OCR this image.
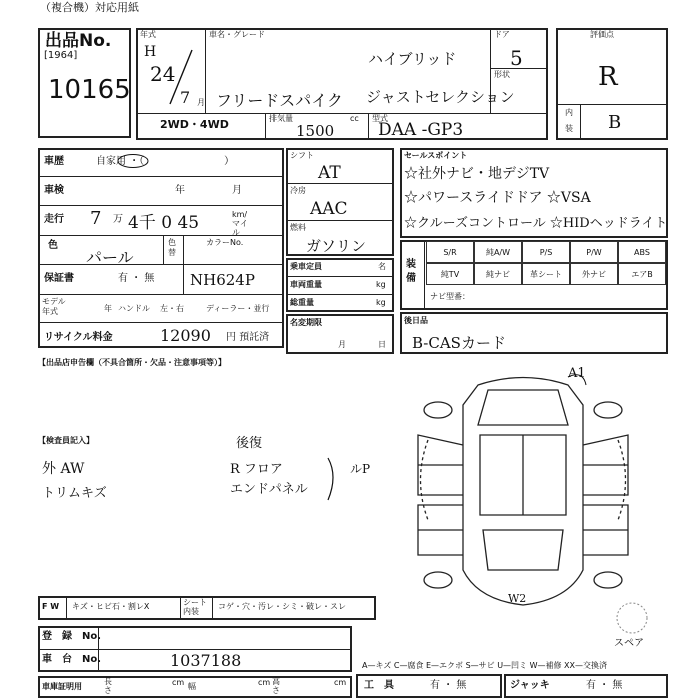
（複合機）対応用紙
出品No.
[1964]
10165
年式
H
24
7 月
車名・グレード
ハイブリッド
フリードスパイク ジャストセレクション
ドア
5
形状
2WD・4WD	排気量	cc
1500
型式
DAA -GP3
評価点
R
内
装 B
車歴	自家用 ・（　　　　　　　　）
車検	年	月
走行 7 万 4千 0 45	km/マイル
色
パール
色替
カラーNo.
NH624P
保証書	有 ・ 無
モデル年式	年 ハンドル 左・右	ディーラー・並行
リサイクル料金	12090 円 預託済
シフト
AT
冷房
AAC
燃料
ガソリン
乗車定員	名
車両重量	kg
総重量	kg
名変期限
月	日
セールスポイント
☆社外ナビ・地デジTV
☆パワースライドドア ☆VSA
☆クルーズコントロール ☆HIDヘッドライト
装備
S/R	純A/W	P/S	P/W	ABS
純TV	純ナビ	革シート	外ナビ	エアB
ナビ型番：
後日品
B-CASカード
【出品店申告欄（不具合箇所・欠品・注意事項等）】
【検査員記入】
外 AW
トリムキズ
後復
R フロア
エンドパネル
ルP
A1
W2
スペア
F W キズ・ヒビ石・割レX	シート内装
コゲ・穴・汚レ・シミ・破レ・スレ
登　録　No.
車　台　No.	1037188
車庫証明用
長さ
cm 幅	cm 高さ
cm
A—キズ C—腐食 E—エクボ S—サビ U—凹ミ W—補修 XX—交換済
工　具	有 ・ 無	ジャッキ	有 ・ 無
